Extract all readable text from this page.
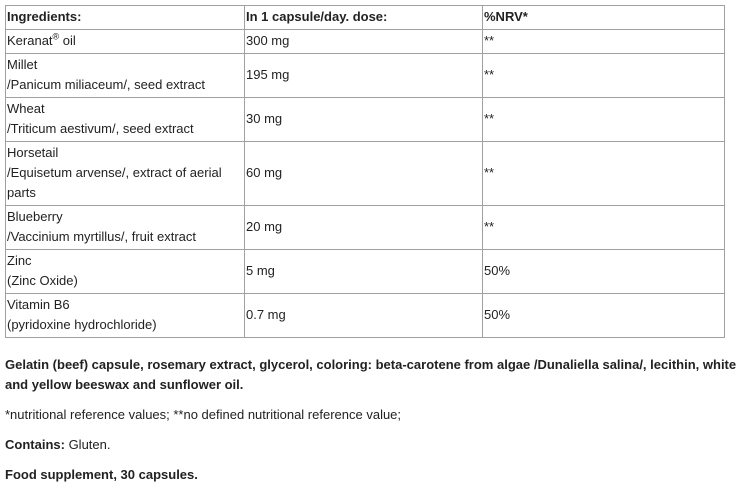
Ingredients:	In 1 capsule/day. dose:	%NRV*
Keranat® oil	300 mg	**

Millet
/Panicum miliaceum/, seed extract	195 mg	**

Wheat
/Triticum aestivum/, seed extract	30 mg	**

Horsetail
/Equisetum arvense/, extract of aerial
parts	60 mg	**

Blueberry
/Vaccinium myrtillus/, fruit extract	20 mg	**

Zinc
(Zinc Oxide)	5 mg	50%

Vitamin B6
(pyridoxine hydrochloride)	0.7 mg	50%

Gelatin (beef) capsule, rosemary extract, glycerol, coloring: beta-carotene from algae /Dunaliella salina/, lecithin, white and yellow beeswax and sunflower oil.

*nutritional reference values; **no defined nutritional reference value;

Contains: Gluten.

Food supplement, 30 capsules.
